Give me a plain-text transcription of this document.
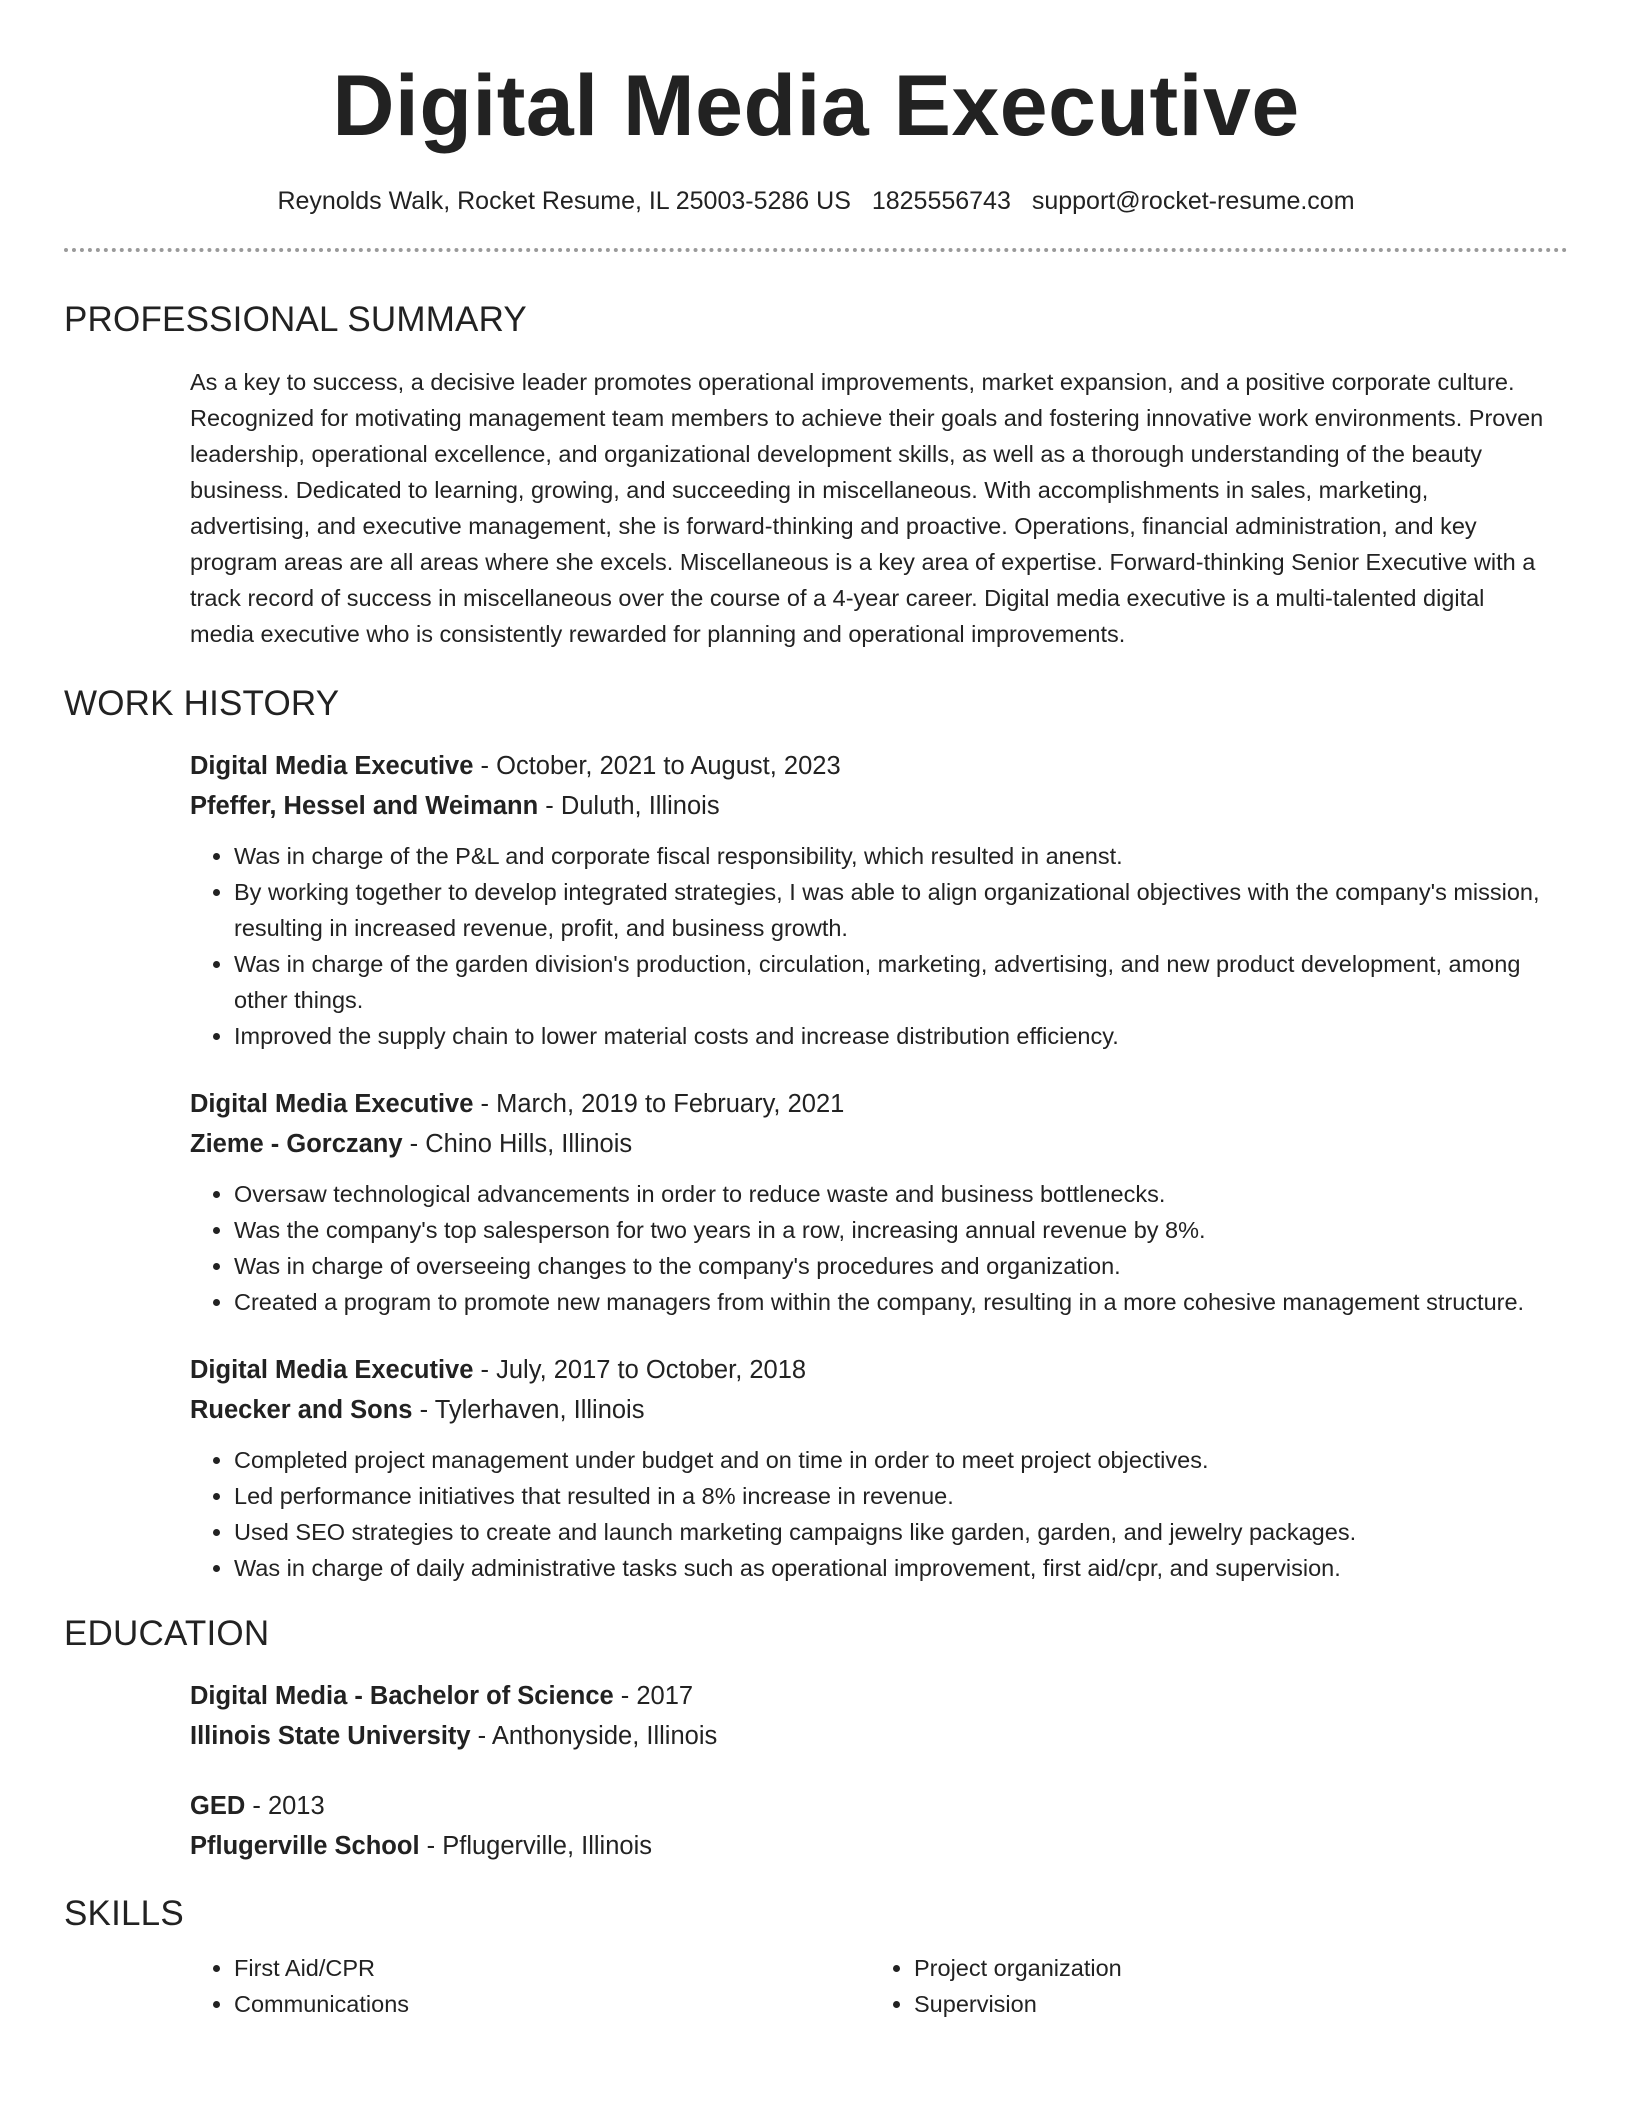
Digital Media Executive
Reynolds Walk, Rocket Resume, IL 25003-5286 US 1825556743 support@rocket-resume.com
PROFESSIONAL SUMMARY
As a key to success, a decisive leader promotes operational improvements, market expansion, and a positive corporate culture. Recognized for motivating management team members to achieve their goals and fostering innovative work environments. Proven leadership, operational excellence, and organizational development skills, as well as a thorough understanding of the beauty business. Dedicated to learning, growing, and succeeding in miscellaneous. With accomplishments in sales, marketing, advertising, and executive management, she is forward-thinking and proactive. Operations, financial administration, and key program areas are all areas where she excels. Miscellaneous is a key area of expertise. Forward-thinking Senior Executive with a track record of success in miscellaneous over the course of a 4-year career. Digital media executive is a multi-talented digital media executive who is consistently rewarded for planning and operational improvements.
WORK HISTORY
Digital Media Executive - October, 2021 to August, 2023
Pfeffer, Hessel and Weimann - Duluth, Illinois
• Was in charge of the P&L and corporate fiscal responsibility, which resulted in anenst.
• By working together to develop integrated strategies, I was able to align organizational objectives with the company's mission, resulting in increased revenue, profit, and business growth.
• Was in charge of the garden division's production, circulation, marketing, advertising, and new product development, among other things.
• Improved the supply chain to lower material costs and increase distribution efficiency.
Digital Media Executive - March, 2019 to February, 2021
Zieme - Gorczany - Chino Hills, Illinois
• Oversaw technological advancements in order to reduce waste and business bottlenecks.
• Was the company's top salesperson for two years in a row, increasing annual revenue by 8%.
• Was in charge of overseeing changes to the company's procedures and organization.
• Created a program to promote new managers from within the company, resulting in a more cohesive management structure.
Digital Media Executive - July, 2017 to October, 2018
Ruecker and Sons - Tylerhaven, Illinois
• Completed project management under budget and on time in order to meet project objectives.
• Led performance initiatives that resulted in a 8% increase in revenue.
• Used SEO strategies to create and launch marketing campaigns like garden, garden, and jewelry packages.
• Was in charge of daily administrative tasks such as operational improvement, first aid/cpr, and supervision.
EDUCATION
Digital Media - Bachelor of Science - 2017
Illinois State University - Anthonyside, Illinois
GED - 2013
Pflugerville School - Pflugerville, Illinois
SKILLS
• First Aid/CPR
• Communications
• Project organization
• Supervision
